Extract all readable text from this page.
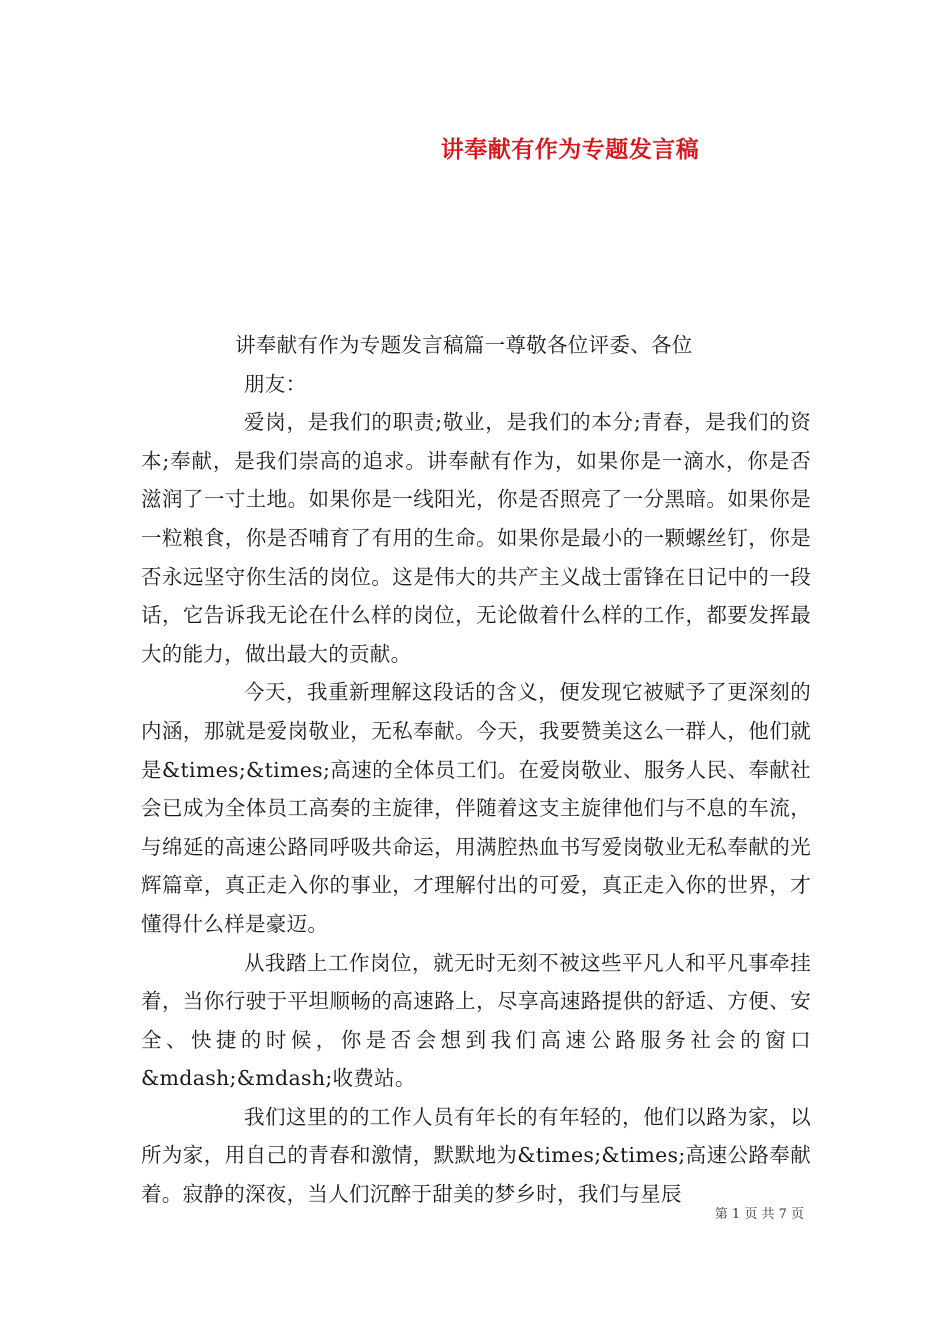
讲奉献有作为专题发言稿

讲奉献有作为专题发言稿篇一尊敬各位评委、各位

朋友：

爱岗，是我们的职责;敬业，是我们的本分;青春，是我们的资本;奉献，是我们崇高的追求。讲奉献有作为，如果你是一滴水，你是否滋润了一寸土地。如果你是一线阳光，你是否照亮了一分黑暗。如果你是一粒粮食，你是否哺育了有用的生命。如果你是最小的一颗螺丝钉，你是否永远坚守你生活的岗位。这是伟大的共产主义战士雷锋在日记中的一段话，它告诉我无论在什么样的岗位，无论做着什么样的工作，都要发挥最大的能力，做出最大的贡献。

今天，我重新理解这段话的含义，便发现它被赋予了更深刻的内涵，那就是爱岗敬业，无私奉献。今天，我要赞美这么一群人，他们就是&times;&times;高速的全体员工们。在爱岗敬业、服务人民、奉献社会已成为全体员工高奏的主旋律，伴随着这支主旋律他们与不息的车流，与绵延的高速公路同呼吸共命运，用满腔热血书写爱岗敬业无私奉献的光辉篇章，真正走入你的事业，才理解付出的可爱，真正走入你的世界，才懂得什么样是豪迈。

从我踏上工作岗位，就无时无刻不被这些平凡人和平凡事牵挂着，当你行驶于平坦顺畅的高速路上，尽享高速路提供的舒适、方便、安全、快捷的时候，你是否会想到我们高速公路服务社会的窗口&mdash;&mdash;收费站。

我们这里的的工作人员有年长的有年轻的，他们以路为家，以所为家，用自己的青春和激情，默默地为&times;&times;高速公路奉献着。寂静的深夜，当人们沉醉于甜美的梦乡时，我们与星辰

第 1 页 共 7 页
